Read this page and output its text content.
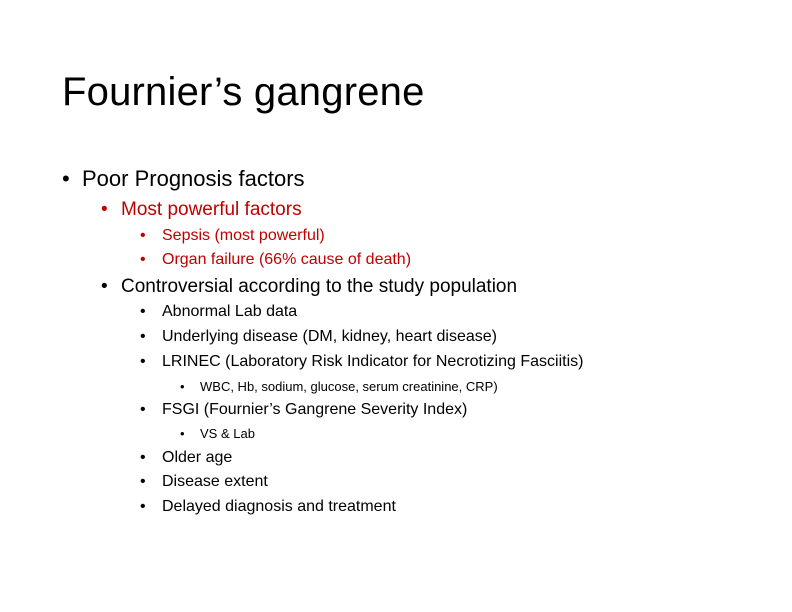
Fournier’s gangrene
• Poor Prognosis factors
• Most powerful factors
• Sepsis (most powerful)
• Organ failure (66% cause of death)
• Controversial according to the study population
• Abnormal Lab data
• Underlying disease (DM, kidney, heart disease)
• LRINEC (Laboratory Risk Indicator for Necrotizing Fasciitis)
• WBC, Hb, sodium, glucose, serum creatinine, CRP)
• FSGI (Fournier’s Gangrene Severity Index)
• VS & Lab
• Older age
• Disease extent
• Delayed diagnosis and treatment
